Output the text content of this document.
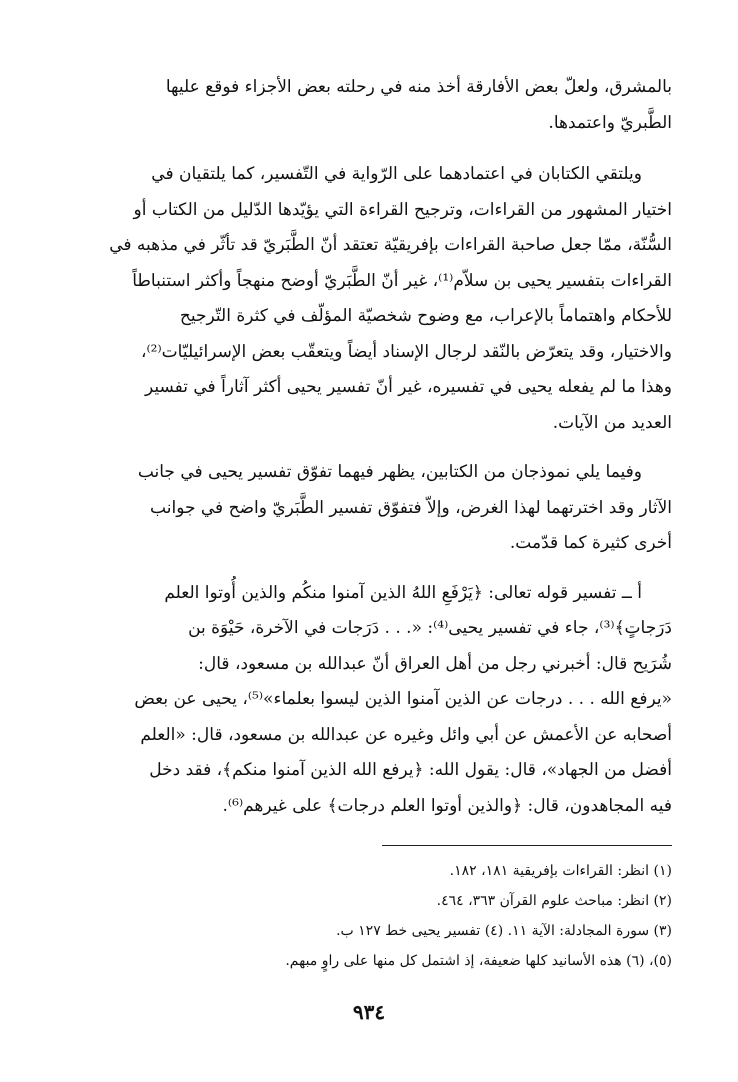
بالمشرق، ولعلّ بعض الأفارقة أخذ منه في رحلته بعض الأجزاء فوقع عليها
الطَّبريّ واعتمدها.

ويلتقي الكتابان في اعتمادهما على الرّواية في التّفسير، كما يلتقيان في
اختيار المشهور من القراءات، وترجيح القراءة التي يؤيّدها الدّليل من الكتاب أو
السُّنّة، ممّا جعل صاحبة القراءات بإفريقيّة تعتقد أنّ الطَّبَريّ قد تأثّر في مذهبه في
القراءات بتفسير يحيى بن سلاّم⁽¹⁾، غير أنّ الطَّبَريّ أوضح منهجاً وأكثر استنباطاً
للأحكام واهتماماً بالإعراب، مع وضوح شخصيّة المؤلّف في كثرة التّرجيح
والاختيار، وقد يتعرّض بالنّقد لرجال الإسناد أيضاً ويتعقّب بعض الإسرائيليّات⁽²⁾،
وهذا ما لم يفعله يحيى في تفسيره، غير أنّ تفسير يحيى أكثر آثاراً في تفسير
العديد من الآيات.

وفيما يلي نموذجان من الكتابين، يظهر فيهما تفوّق تفسير يحيى في جانب
الآثار وقد اخترتهما لهذا الغرض، وإلاّ فتفوّق تفسير الطَّبَريّ واضح في جوانب
أخرى كثيرة كما قدّمت.

أ ــ تفسير قوله تعالى: ﴿يَرْفَعِ اللهُ الذين آمنوا منكُم والذين أُوتوا العلم
دَرَجاتٍ﴾⁽³⁾، جاء في تفسير يحيى⁽⁴⁾: «. . . دَرَجات في الآخرة، حَيْوَة بن
شُرَيح قال: أخبرني رجل من أهل العراق أنّ عبدالله بن مسعود، قال:
«يرفع الله . . . درجات عن الذين آمنوا الذين ليسوا بعلماء»⁽⁵⁾، يحيى عن بعض
أصحابه عن الأعمش عن أبي وائل وغيره عن عبدالله بن مسعود، قال: «العلم
أفضل من الجهاد»، قال: يقول الله: ﴿يرفع الله الذين آمنوا منكم﴾، فقد دخل
فيه المجاهدون، قال: ﴿والذين أوتوا العلم درجات﴾ على غيرهم⁽⁶⁾.

(١) انظر: القراءات بإفريقية ١٨١، ١٨٢.
(٢) انظر: مباحث علوم القرآن ٣٦٣، ٤٦٤.
(٣) سورة المجادلة: الآية ١١. (٤) تفسير يحيى خط ١٢٧ ب.
(٥)، (٦) هذه الأسانيد كلها ضعيفة، إذ اشتمل كل منها على راوٍ مبهم.
٩٣٤
